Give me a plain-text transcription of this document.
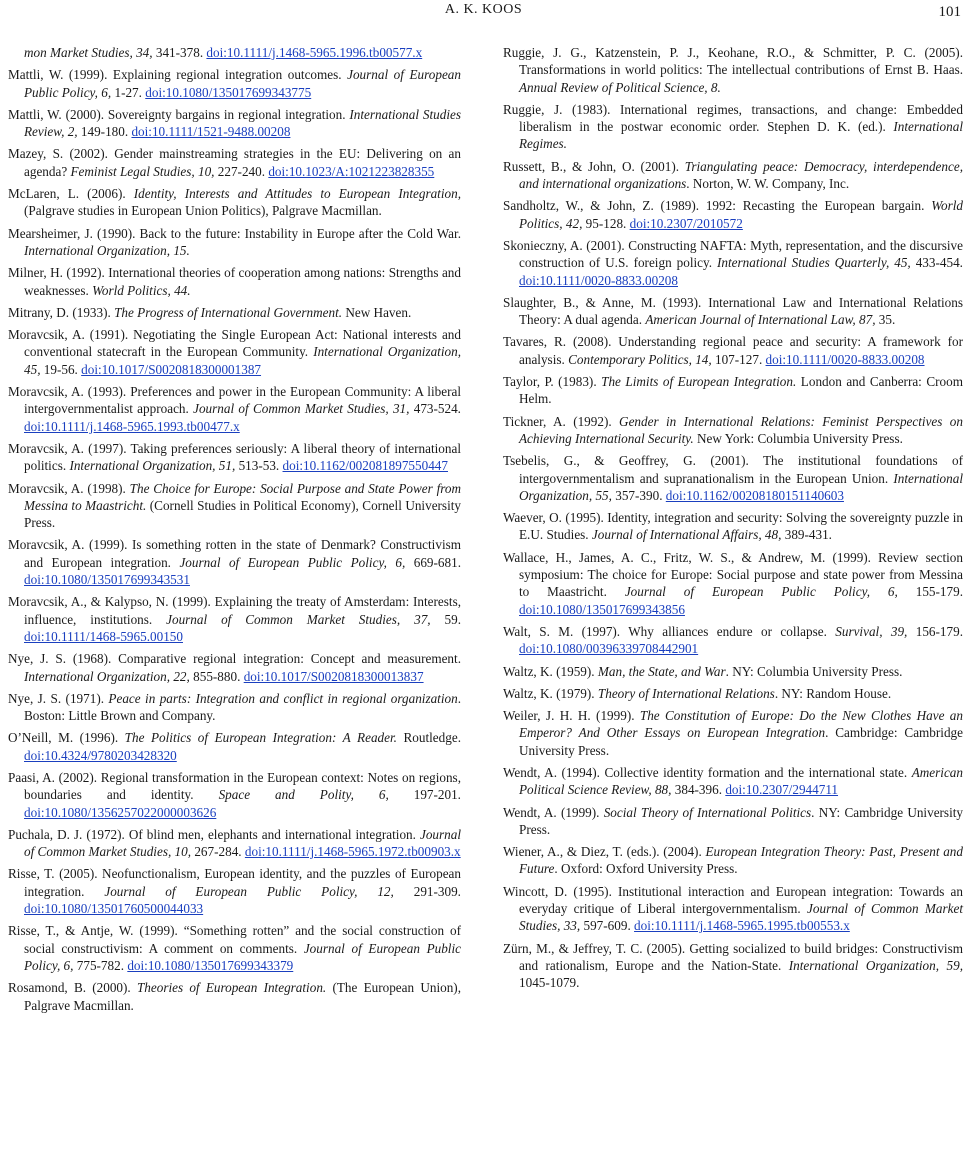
A. K. KOOS	101

mon Market Studies, 34, 341-378. doi:10.1111/j.1468-5965.1996.tb00577.x

Mattli, W. (1999). Explaining regional integration outcomes. Journal of European Public Policy, 6, 1-27. doi:10.1080/135017699343775

Mattli, W. (2000). Sovereignty bargains in regional integration. International Studies Review, 2, 149-180. doi:10.1111/1521-9488.00208

Mazey, S. (2002). Gender mainstreaming strategies in the EU: Delivering on an agenda? Feminist Legal Studies, 10, 227-240. doi:10.1023/A:1021223828355

McLaren, L. (2006). Identity, Interests and Attitudes to European Integration, (Palgrave studies in European Union Politics), Palgrave Macmillan.

Mearsheimer, J. (1990). Back to the future: Instability in Europe after the Cold War. International Organization, 15.

Milner, H. (1992). International theories of cooperation among nations: Strengths and weaknesses. World Politics, 44.

Mitrany, D. (1933). The Progress of International Government. New Haven.

Moravcsik, A. (1991). Negotiating the Single European Act: National interests and conventional statecraft in the European Community. International Organization, 45, 19-56. doi:10.1017/S0020818300001387

Moravcsik, A. (1993). Preferences and power in the European Community: A liberal intergovernmentalist approach. Journal of Common Market Studies, 31, 473-524. doi:10.1111/j.1468-5965.1993.tb00477.x

Moravcsik, A. (1997). Taking preferences seriously: A liberal theory of international politics. International Organization, 51, 513-53. doi:10.1162/002081897550447

Moravcsik, A. (1998). The Choice for Europe: Social Purpose and State Power from Messina to Maastricht. (Cornell Studies in Political Economy), Cornell University Press.

Moravcsik, A. (1999). Is something rotten in the state of Denmark? Constructivism and European integration. Journal of European Public Policy, 6, 669-681. doi:10.1080/135017699343531

Moravcsik, A., & Kalypso, N. (1999). Explaining the treaty of Amsterdam: Interests, influence, institutions. Journal of Common Market Studies, 37, 59. doi:10.1111/1468-5965.00150

Nye, J. S. (1968). Comparative regional integration: Concept and measurement. International Organization, 22, 855-880. doi:10.1017/S0020818300013837

Nye, J. S. (1971). Peace in parts: Integration and conflict in regional organization. Boston: Little Brown and Company.

O’Neill, M. (1996). The Politics of European Integration: A Reader. Routledge. doi:10.4324/9780203428320

Paasi, A. (2002). Regional transformation in the European context: Notes on regions, boundaries and identity. Space and Polity, 6, 197-201. doi:10.1080/1356257022000003626

Puchala, D. J. (1972). Of blind men, elephants and international integration. Journal of Common Market Studies, 10, 267-284. doi:10.1111/j.1468-5965.1972.tb00903.x

Risse, T. (2005). Neofunctionalism, European identity, and the puzzles of European integration. Journal of European Public Policy, 12, 291-309. doi:10.1080/13501760500044033

Risse, T., & Antje, W. (1999). “Something rotten” and the social construction of social constructivism: A comment on comments. Journal of European Public Policy, 6, 775-782. doi:10.1080/135017699343379

Rosamond, B. (2000). Theories of European Integration. (The European Union), Palgrave Macmillan.

Ruggie, J. G., Katzenstein, P. J., Keohane, R.O., & Schmitter, P. C. (2005). Transformations in world politics: The intellectual contributions of Ernst B. Haas. Annual Review of Political Science, 8.

Ruggie, J. (1983). International regimes, transactions, and change: Embedded liberalism in the postwar economic order. Stephen D. K. (ed.). International Regimes.

Russett, B., & John, O. (2001). Triangulating peace: Democracy, interdependence, and international organizations. Norton, W. W. Company, Inc.

Sandholtz, W., & John, Z. (1989). 1992: Recasting the European bargain. World Politics, 42, 95-128. doi:10.2307/2010572

Skonieczny, A. (2001). Constructing NAFTA: Myth, representation, and the discursive construction of U.S. foreign policy. International Studies Quarterly, 45, 433-454. doi:10.1111/0020-8833.00208

Slaughter, B., & Anne, M. (1993). International Law and International Relations Theory: A dual agenda. American Journal of International Law, 87, 35.

Tavares, R. (2008). Understanding regional peace and security: A framework for analysis. Contemporary Politics, 14, 107-127. doi:10.1111/0020-8833.00208

Taylor, P. (1983). The Limits of European Integration. London and Canberra: Croom Helm.

Tickner, A. (1992). Gender in International Relations: Feminist Perspectives on Achieving International Security. New York: Columbia University Press.

Tsebelis, G., & Geoffrey, G. (2001). The institutional foundations of intergovernmentalism and supranationalism in the European Union. International Organization, 55, 357-390. doi:10.1162/00208180151140603

Waever, O. (1995). Identity, integration and security: Solving the sovereignty puzzle in E.U. Studies. Journal of International Affairs, 48, 389-431.

Wallace, H., James, A. C., Fritz, W. S., & Andrew, M. (1999). Review section symposium: The choice for Europe: Social purpose and state power from Messina to Maastricht. Journal of European Public Policy, 6, 155-179. doi:10.1080/135017699343856

Walt, S. M. (1997). Why alliances endure or collapse. Survival, 39, 156-179. doi:10.1080/00396339708442901

Waltz, K. (1959). Man, the State, and War. NY: Columbia University Press.

Waltz, K. (1979). Theory of International Relations. NY: Random House.

Weiler, J. H. H. (1999). The Constitution of Europe: Do the New Clothes Have an Emperor? And Other Essays on European Integration. Cambridge: Cambridge University Press.

Wendt, A. (1994). Collective identity formation and the international state. American Political Science Review, 88, 384-396. doi:10.2307/2944711

Wendt, A. (1999). Social Theory of International Politics. NY: Cambridge University Press.

Wiener, A., & Diez, T. (eds.). (2004). European Integration Theory: Past, Present and Future. Oxford: Oxford University Press.

Wincott, D. (1995). Institutional interaction and European integration: Towards an everyday critique of Liberal intergovernmentalism. Journal of Common Market Studies, 33, 597-609. doi:10.1111/j.1468-5965.1995.tb00553.x

Zürn, M., & Jeffrey, T. C. (2005). Getting socialized to build bridges: Constructivism and rationalism, Europe and the Nation-State. International Organization, 59, 1045-1079.
